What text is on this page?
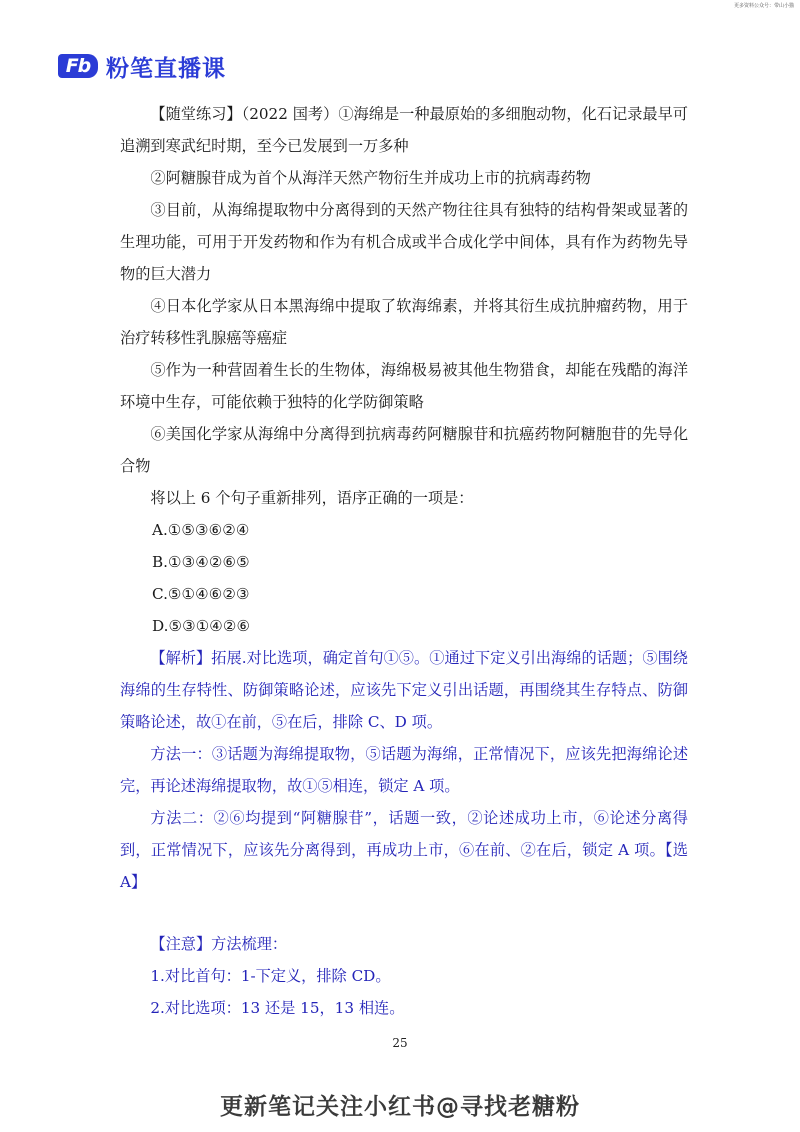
更多资料公众号：带山小猫
Fb 粉笔直播课

【随堂练习】（2022 国考）①海绵是一种最原始的多细胞动物，化石记录最早可追溯到寒武纪时期，至今已发展到一万多种

②阿糖腺苷成为首个从海洋天然产物衍生并成功上市的抗病毒药物

③目前，从海绵提取物中分离得到的天然产物往往具有独特的结构骨架或显著的生理功能，可用于开发药物和作为有机合成或半合成化学中间体，具有作为药物先导物的巨大潜力

④日本化学家从日本黑海绵中提取了软海绵素，并将其衍生成抗肿瘤药物，用于治疗转移性乳腺癌等癌症

⑤作为一种营固着生长的生物体，海绵极易被其他生物猎食，却能在残酷的海洋环境中生存，可能依赖于独特的化学防御策略

⑥美国化学家从海绵中分离得到抗病毒药阿糖腺苷和抗癌药物阿糖胞苷的先导化合物

将以上 6 个句子重新排列，语序正确的一项是：

A.①⑤③⑥②④

B.①③④②⑥⑤

C.⑤①④⑥②③

D.⑤③①④②⑥

【解析】拓展.对比选项，确定首句①⑤。①通过下定义引出海绵的话题；⑤围绕海绵的生存特性、防御策略论述，应该先下定义引出话题，再围绕其生存特点、防御策略论述，故①在前，⑤在后，排除 C、D 项。

方法一：③话题为海绵提取物，⑤话题为海绵，正常情况下，应该先把海绵论述完，再论述海绵提取物，故①⑤相连，锁定 A 项。

方法二：②⑥均提到“阿糖腺苷”，话题一致，②论述成功上市，⑥论述分离得到，正常情况下，应该先分离得到，再成功上市，⑥在前、②在后，锁定 A 项。【选 A】

【注意】方法梳理：

1.对比首句：1-下定义，排除 CD。

2.对比选项：13 还是 15，13 相连。

25
更新笔记关注小红书@寻找老糖粉
